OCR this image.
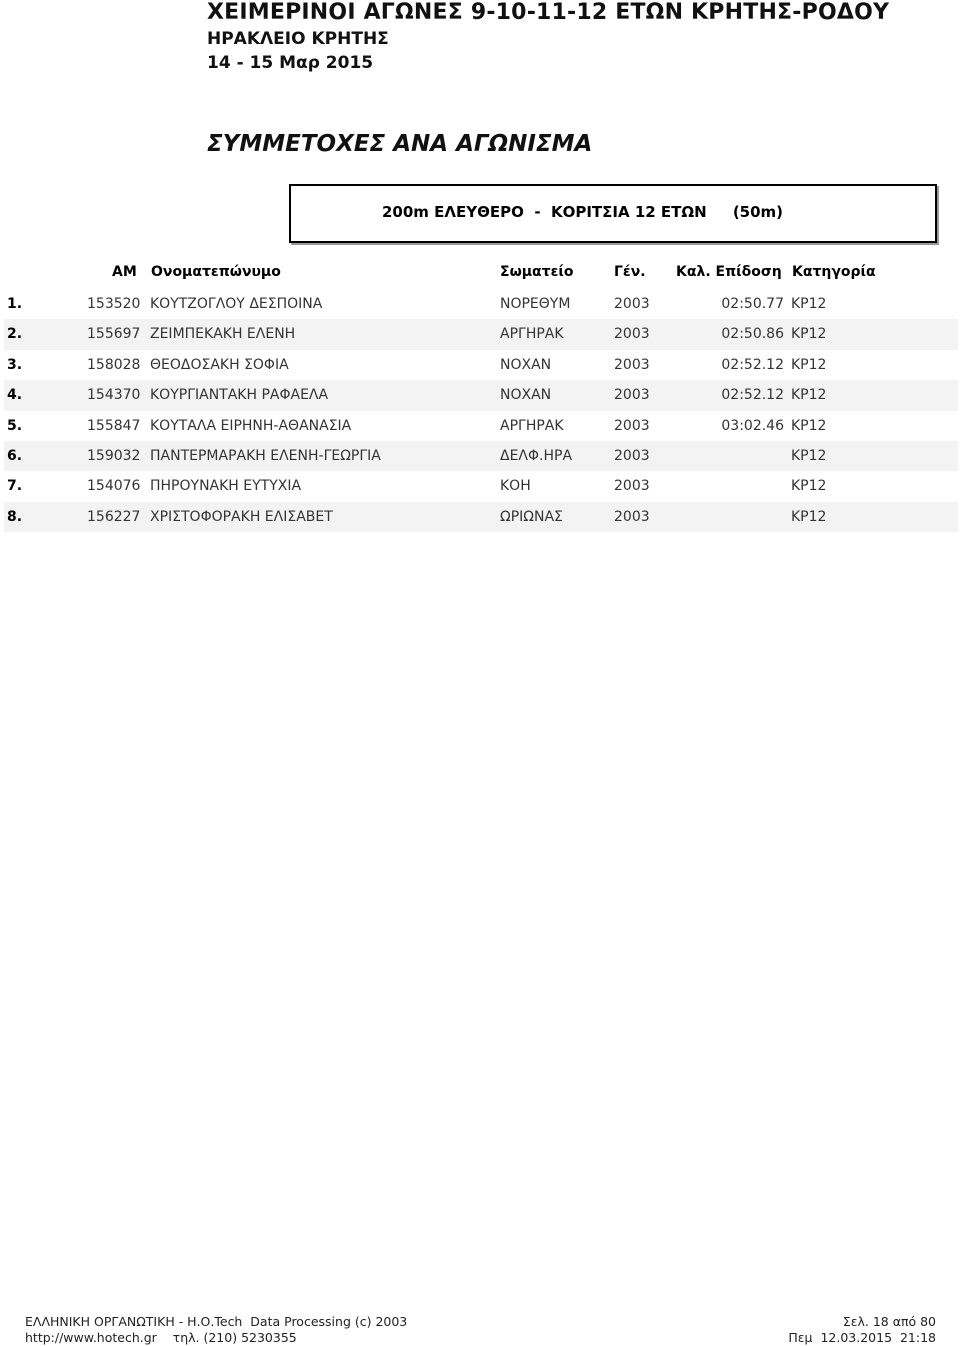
ΧΕΙΜΕΡΙΝΟΙ ΑΓΩΝΕΣ 9-10-11-12 ΕΤΩΝ ΚΡΗΤΗΣ-ΡΟΔΟΥ
ΗΡΑΚΛΕΙΟ ΚΡΗΤΗΣ
14 - 15 Μαρ 2015
ΣΥΜΜΕΤΟΧΕΣ ΑΝΑ ΑΓΩΝΙΣΜΑ
200m ΕΛΕΥΘΕΡΟ  -  ΚΟΡΙΤΣΙΑ 12 ΕΤΩΝ     (50m)
ΑΜ Ονοματεπώνυμο	Σωματείο	Γέν. Καλ. Επίδοση Κατηγορία
1.	153520 ΚΟΥΤΖΟΓΛΟΥ ΔΕΣΠΟΙΝΑ	ΝΟΡΕΘΥΜ	2003	02:50.77 ΚΡ12
2.	155697 ΖΕΙΜΠΕΚΑΚΗ ΕΛΕΝΗ	ΑΡΓΗΡΑΚ	2003	02:50.86 ΚΡ12
3.	158028 ΘΕΟΔΟΣΑΚΗ ΣΟΦΙΑ	ΝΟΧΑΝ	2003	02:52.12 ΚΡ12
4.	154370 ΚΟΥΡΓΙΑΝΤΑΚΗ ΡΑΦΑΕΛΑ	ΝΟΧΑΝ	2003	02:52.12 ΚΡ12
5.	155847 ΚΟΥΤΑΛΑ ΕΙΡΗΝΗ-ΑΘΑΝΑΣΙΑ	ΑΡΓΗΡΑΚ	2003	03:02.46 ΚΡ12
6.	159032 ΠΑΝΤΕΡΜΑΡΑΚΗ ΕΛΕΝΗ-ΓΕΩΡΓΙΑ	ΔΕΛΦ.ΗΡΑ	2003	ΚΡ12
7.	154076 ΠΗΡΟΥΝΑΚΗ ΕΥΤΥΧΙΑ	ΚΟΗ	2003	ΚΡ12
8.	156227 ΧΡΙΣΤΟΦΟΡΑΚΗ ΕΛΙΣΑΒΕΤ	ΩΡΙΩΝΑΣ	2003	ΚΡ12
ΕΛΛΗΝΙΚΗ ΟΡΓΑΝΩΤΙΚΗ - Η.Ο.Tech  Data Processing (c) 2003
http://www.hotech.gr    τηλ. (210) 5230355
Σελ. 18 από 80
Πεμ  12.03.2015  21:18
